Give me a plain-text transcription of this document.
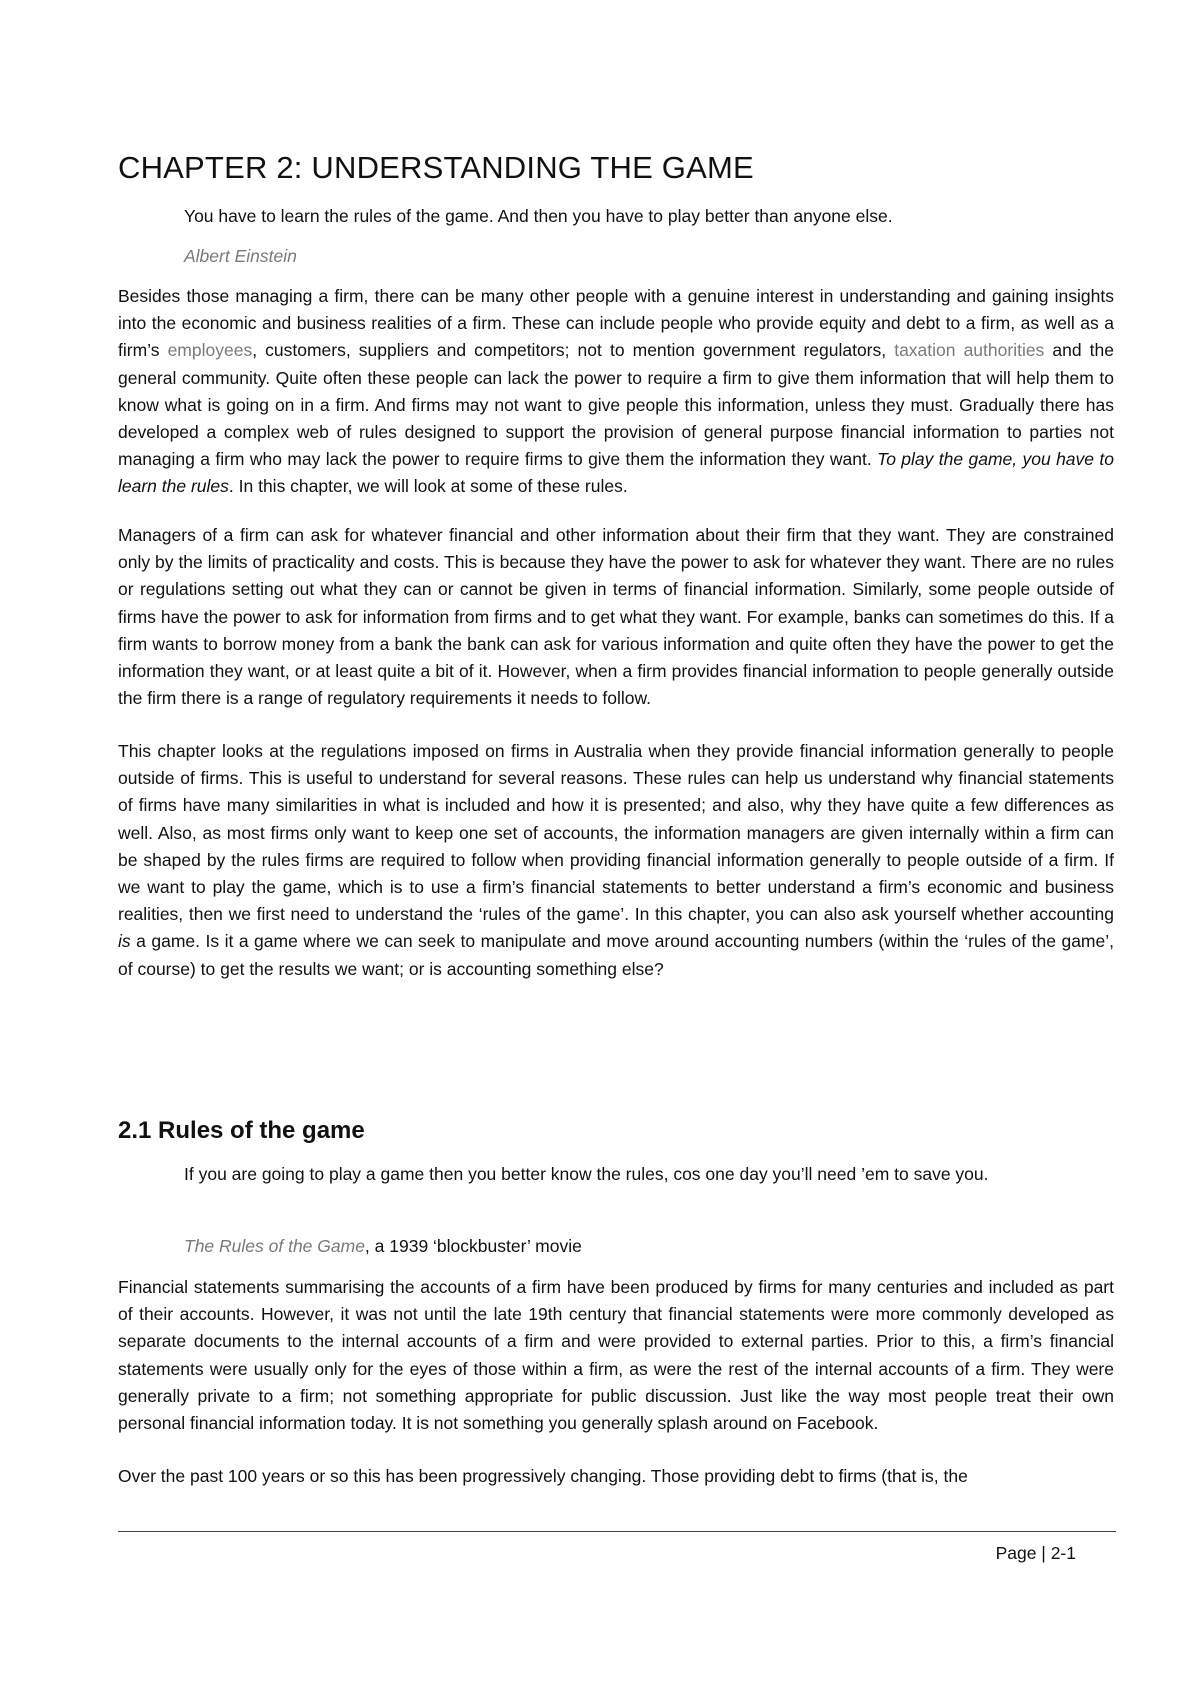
CHAPTER 2: UNDERSTANDING THE GAME

You have to learn the rules of the game. And then you have to play better than anyone else.

Albert Einstein

Besides those managing a firm, there can be many other people with a genuine interest in understanding and gaining insights into the economic and business realities of a firm. These can include people who provide equity and debt to a firm, as well as a firm’s employees, customers, suppliers and competitors; not to mention government regulators, taxation authorities and the general community. Quite often these people can lack the power to require a firm to give them information that will help them to know what is going on in a firm. And firms may not want to give people this information, unless they must. Gradually there has developed a complex web of rules designed to support the provision of general purpose financial information to parties not managing a firm who may lack the power to require firms to give them the information they want. To play the game, you have to learn the rules. In this chapter, we will look at some of these rules.

Managers of a firm can ask for whatever financial and other information about their firm that they want. They are constrained only by the limits of practicality and costs. This is because they have the power to ask for whatever they want. There are no rules or regulations setting out what they can or cannot be given in terms of financial information. Similarly, some people outside of firms have the power to ask for information from firms and to get what they want. For example, banks can sometimes do this. If a firm wants to borrow money from a bank the bank can ask for various information and quite often they have the power to get the information they want, or at least quite a bit of it. However, when a firm provides financial information to people generally outside the firm there is a range of regulatory requirements it needs to follow.

This chapter looks at the regulations imposed on firms in Australia when they provide financial information generally to people outside of firms. This is useful to understand for several reasons. These rules can help us understand why financial statements of firms have many similarities in what is included and how it is presented; and also, why they have quite a few differences as well. Also, as most firms only want to keep one set of accounts, the information managers are given internally within a firm can be shaped by the rules firms are required to follow when providing financial information generally to people outside of a firm. If we want to play the game, which is to use a firm’s financial statements to better understand a firm’s economic and business realities, then we first need to understand the ‘rules of the game’. In this chapter, you can also ask yourself whether accounting is a game. Is it a game where we can seek to manipulate and move around accounting numbers (within the ‘rules of the game’, of course) to get the results we want; or is accounting something else?

2.1 Rules of the game

If you are going to play a game then you better know the rules, cos one day you’ll need ’em to save you.

The Rules of the Game, a 1939 ‘blockbuster’ movie

Financial statements summarising the accounts of a firm have been produced by firms for many centuries and included as part of their accounts. However, it was not until the late 19th century that financial statements were more commonly developed as separate documents to the internal accounts of a firm and were provided to external parties. Prior to this, a firm’s financial statements were usually only for the eyes of those within a firm, as were the rest of the internal accounts of a firm. They were generally private to a firm; not something appropriate for public discussion. Just like the way most people treat their own personal financial information today. It is not something you generally splash around on Facebook.

Over the past 100 years or so this has been progressively changing. Those providing debt to firms (that is, the

Page | 2-1
